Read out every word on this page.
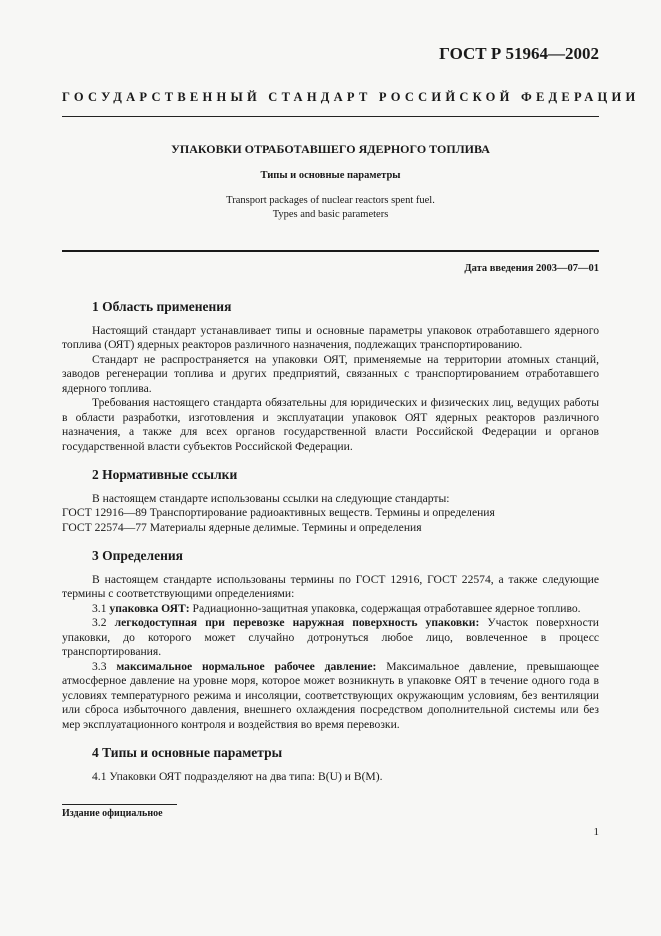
ГОСТ Р 51964—2002
ГОСУДАРСТВЕННЫЙ СТАНДАРТ РОССИЙСКОЙ ФЕДЕРАЦИИ
УПАКОВКИ ОТРАБОТАВШЕГО ЯДЕРНОГО ТОПЛИВА
Типы и основные параметры
Transport packages of nuclear reactors spent fuel.
Types and basic parameters
Дата введения 2003—07—01
1 Область применения

Настоящий стандарт устанавливает типы и основные параметры упаковок отработавшего ядерного топлива (ОЯТ) ядерных реакторов различного назначения, подлежащих транспортированию.

Стандарт не распространяется на упаковки ОЯТ, применяемые на территории атомных станций, заводов регенерации топлива и других предприятий, связанных с транспортированием отработавшего ядерного топлива.

Требования настоящего стандарта обязательны для юридических и физических лиц, ведущих работы в области разработки, изготовления и эксплуатации упаковок ОЯТ ядерных реакторов различного назначения, а также для всех органов государственной власти Российской Федерации и органов государственной власти субъектов Российской Федерации.

2 Нормативные ссылки

В настоящем стандарте использованы ссылки на следующие стандарты:

ГОСТ 12916—89 Транспортирование радиоактивных веществ. Термины и определения
ГОСТ 22574—77 Материалы ядерные делимые. Термины и определения
3 Определения

В настоящем стандарте использованы термины по ГОСТ 12916, ГОСТ 22574, а также следующие термины с соответствующими определениями:

3.1 упаковка ОЯТ: Радиационно-защитная упаковка, содержащая отработавшее ядерное топливо.

3.2 легкодоступная при перевозке наружная поверхность упаковки: Участок поверхности упаковки, до которого может случайно дотронуться любое лицо, вовлеченное в процесс транспортирования.

3.3 максимальное нормальное рабочее давление: Максимальное давление, превышающее атмосферное давление на уровне моря, которое может возникнуть в упаковке ОЯТ в течение одного года в условиях температурного режима и инсоляции, соответствующих окружающим условиям, без вентиляции или сброса избыточного давления, внешнего охлаждения посредством дополнительной системы или без мер эксплуатационного контроля и воздействия во время перевозки.

4 Типы и основные параметры

4.1 Упаковки ОЯТ подразделяют на два типа: B(U) и B(M).

Издание официальное
1
